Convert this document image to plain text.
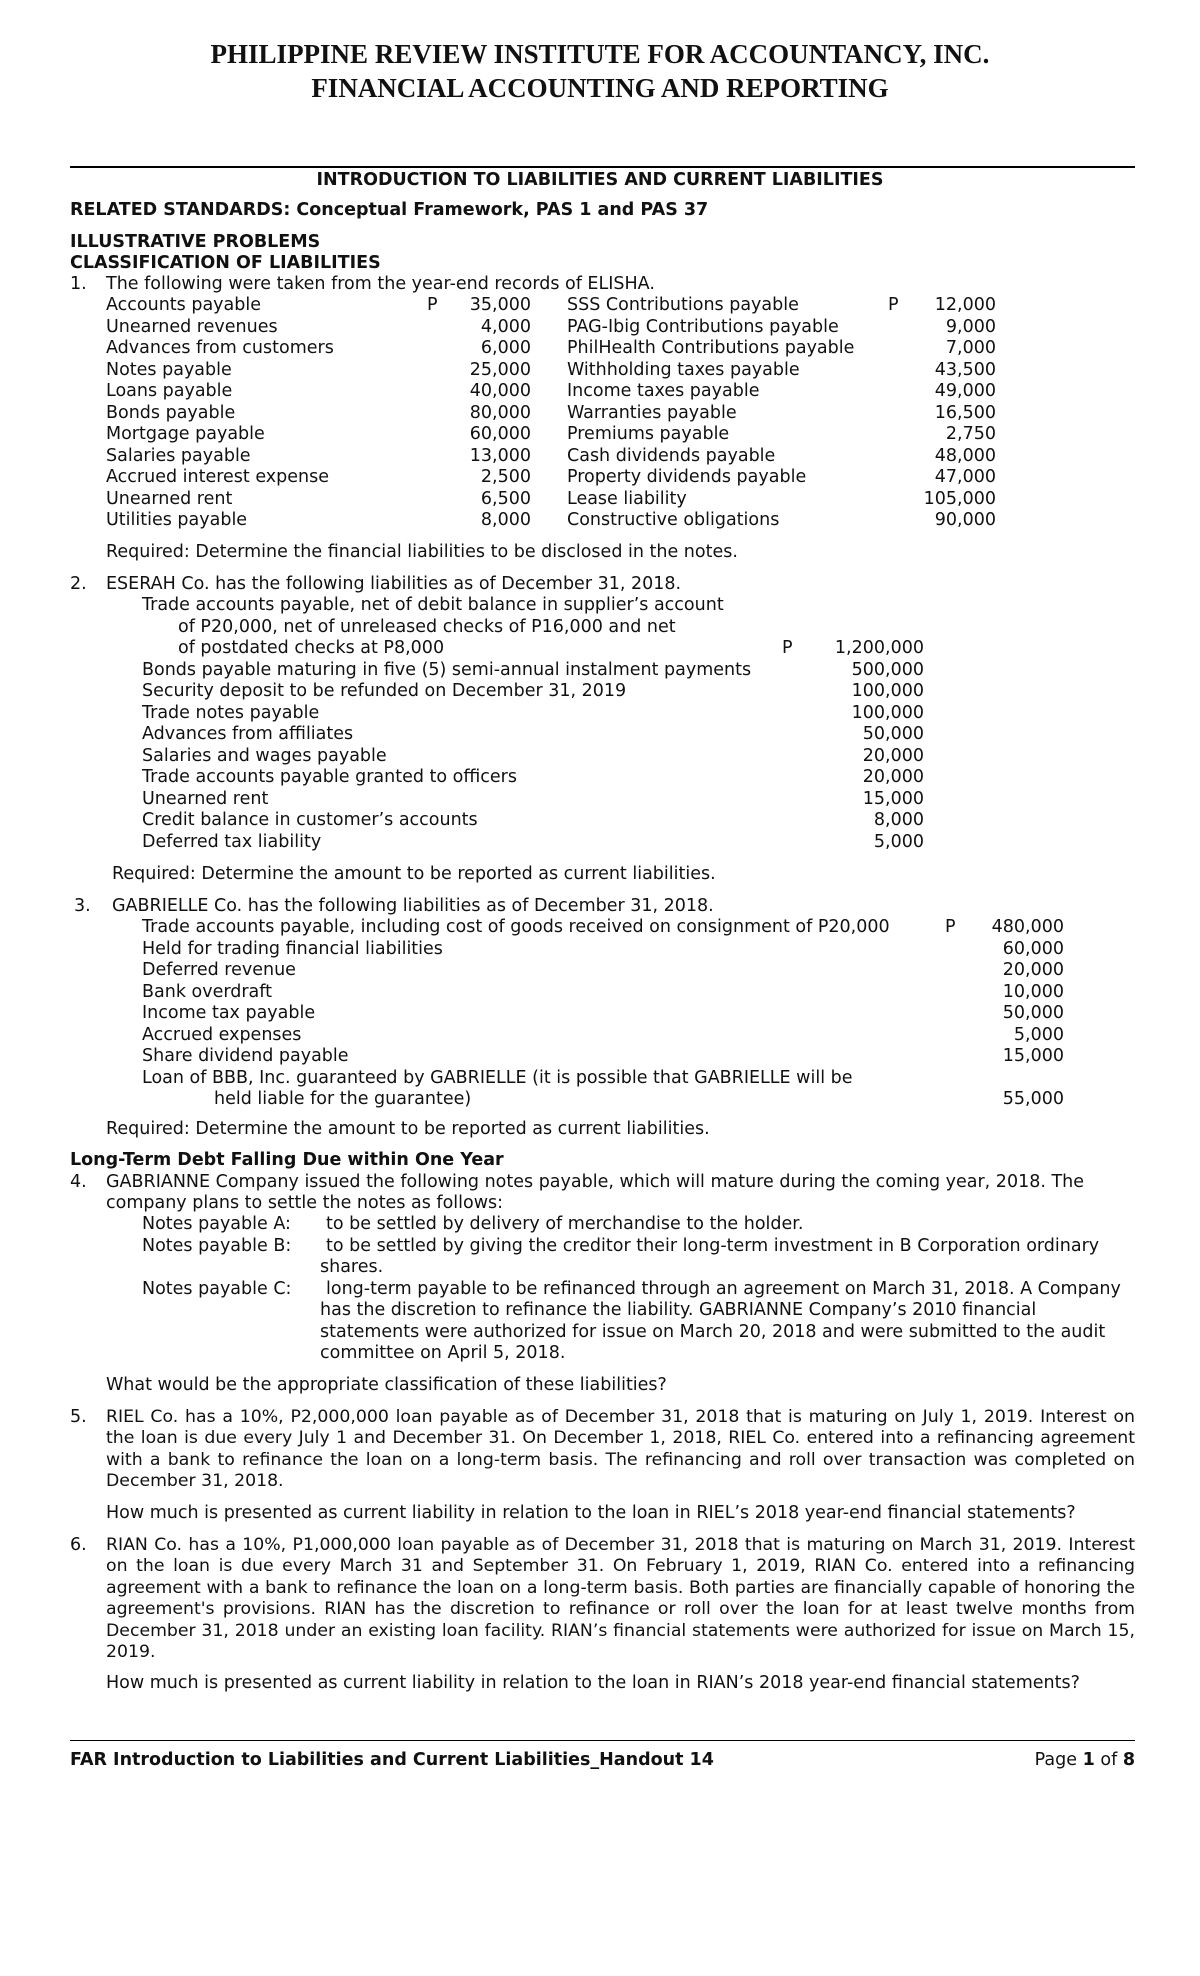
PHILIPPINE REVIEW INSTITUTE FOR ACCOUNTANCY, INC.
FINANCIAL ACCOUNTING AND REPORTING
INTRODUCTION TO LIABILITIES AND CURRENT LIABILITIES
RELATED STANDARDS: Conceptual Framework, PAS 1 and PAS 37
ILLUSTRATIVE PROBLEMS
CLASSIFICATION OF LIABILITIES
1. The following were taken from the year-end records of ELISHA.
Accounts payable	P 35,000 SSS Contributions payable	P 12,000
Unearned revenues	4,000 PAG-Ibig Contributions payable	9,000
Advances from customers	6,000 PhilHealth Contributions payable	7,000
Notes payable	25,000 Withholding taxes payable	43,500
Loans payable	40,000 Income taxes payable	49,000
Bonds payable	80,000 Warranties payable	16,500
Mortgage payable	60,000 Premiums payable	2,750
Salaries payable	13,000 Cash dividends payable	48,000
Accrued interest expense	2,500 Property dividends payable	47,000
Unearned rent	6,500 Lease liability	105,000
Utilities payable	8,000 Constructive obligations	90,000
Required: Determine the financial liabilities to be disclosed in the notes.
2. ESERAH Co. has the following liabilities as of December 31, 2018.
Trade accounts payable, net of debit balance in supplier’s account
of P20,000, net of unreleased checks of P16,000 and net
of postdated checks at P8,000	P 1,200,000
Bonds payable maturing in five (5) semi-annual instalment payments	500,000
Security deposit to be refunded on December 31, 2019	100,000
Trade notes payable	100,000
Advances from affiliates	50,000
Salaries and wages payable	20,000
Trade accounts payable granted to officers	20,000
Unearned rent	15,000
Credit balance in customer’s accounts	8,000
Deferred tax liability	5,000
Required: Determine the amount to be reported as current liabilities.
3. GABRIELLE Co. has the following liabilities as of December 31, 2018.
Trade accounts payable, including cost of goods received on consignment of P20,000	P 480,000
Held for trading financial liabilities	60,000
Deferred revenue	20,000
Bank overdraft	10,000
Income tax payable	50,000
Accrued expenses	5,000
Share dividend payable	15,000
Loan of BBB, Inc. guaranteed by GABRIELLE (it is possible that GABRIELLE will be
held liable for the guarantee)	55,000
Required: Determine the amount to be reported as current liabilities.
Long-Term Debt Falling Due within One Year
4. GABRIANNE Company issued the following notes payable, which will mature during the coming year, 2018. The
company plans to settle the notes as follows:
Notes payable A: to be settled by delivery of merchandise to the holder.
Notes payable B: to be settled by giving the creditor their long-term investment in B Corporation ordinary
shares.
Notes payable C: long-term payable to be refinanced through an agreement on March 31, 2018. A Company
has the discretion to refinance the liability. GABRIANNE Company’s 2010 financial
statements were authorized for issue on March 20, 2018 and were submitted to the audit
committee on April 5, 2018.
What would be the appropriate classification of these liabilities?
5. RIEL Co. has a 10%, P2,000,000 loan payable as of December 31, 2018 that is maturing on July 1, 2019. Interest on the loan is due every July 1 and December 31. On December 1, 2018, RIEL Co. entered into a refinancing agreement with a bank to refinance the loan on a long-term basis. The refinancing and roll over transaction was completed on December 31, 2018.
How much is presented as current liability in relation to the loan in RIEL’s 2018 year-end financial statements?
6. RIAN Co. has a 10%, P1,000,000 loan payable as of December 31, 2018 that is maturing on March 31, 2019. Interest on the loan is due every March 31 and September 31. On February 1, 2019, RIAN Co. entered into a refinancing agreement with a bank to refinance the loan on a long-term basis. Both parties are financially capable of honoring the agreement's provisions. RIAN has the discretion to refinance or roll over the loan for at least twelve months from December 31, 2018 under an existing loan facility. RIAN’s financial statements were authorized for issue on March 15, 2019.
How much is presented as current liability in relation to the loan in RIAN’s 2018 year-end financial statements?
FAR Introduction to Liabilities and Current Liabilities_Handout 14	Page 1 of 8
